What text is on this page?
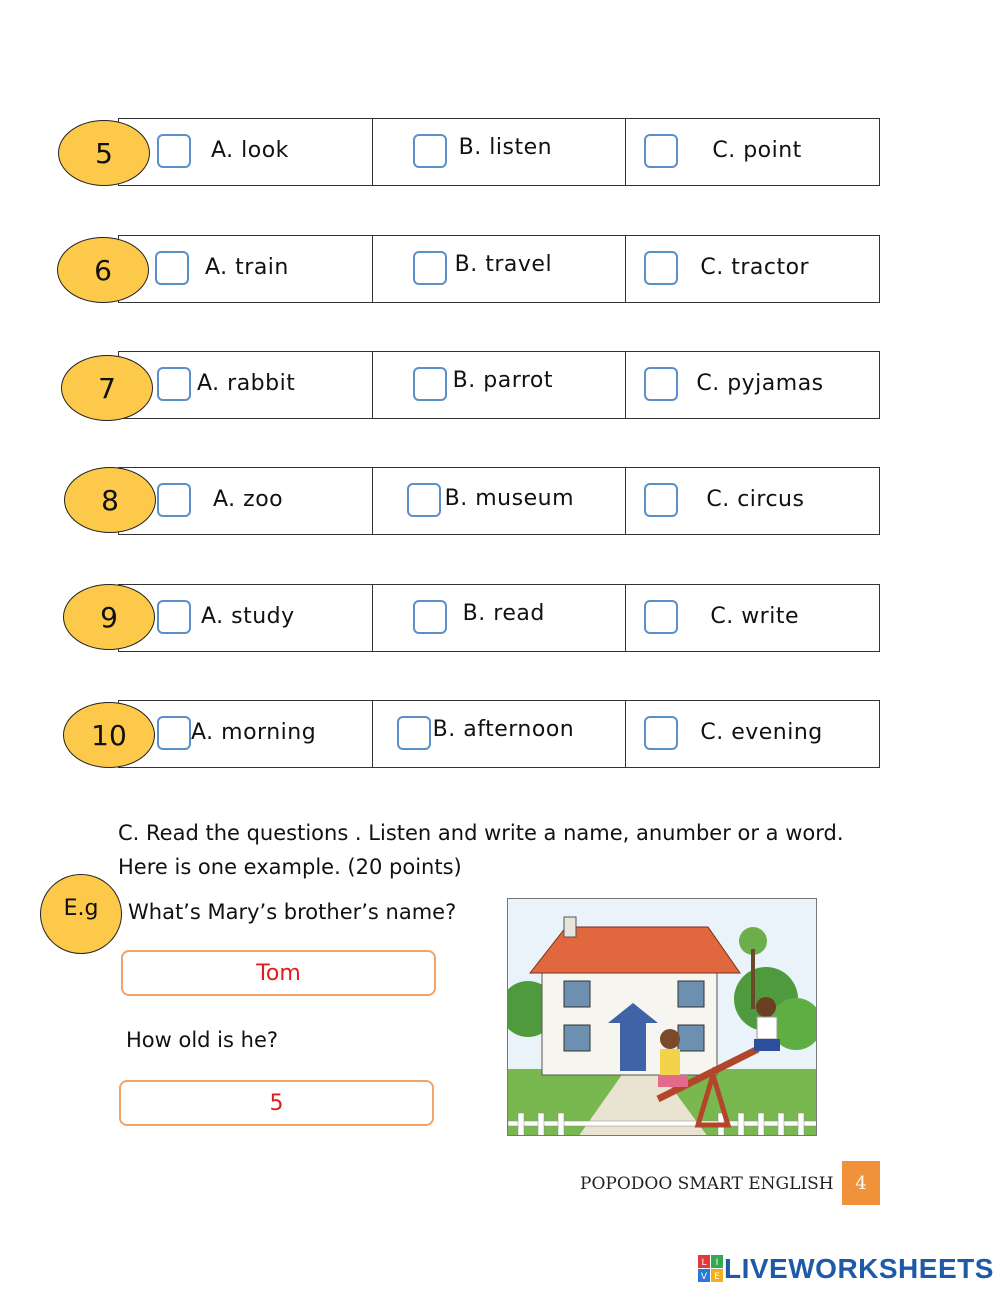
A. look	B. listen	C. point
5
A. train	B. travel	C. tractor
6
A. rabbit	B. parrot	C. pyjamas
7
A. zoo	B. museum	C. circus
8
A. study	B. read	C. write
9
A. morning	B. afternoon	C. evening
10
C. Read the questions . Listen and write a name, anumber or a word.
Here is one example. (20 points)
E.g	What’s Mary’s brother’s name?
Tom
How old is he?
5
POPODOO SMART ENGLISH	4
L I
V E LIVEWORKSHEETS
